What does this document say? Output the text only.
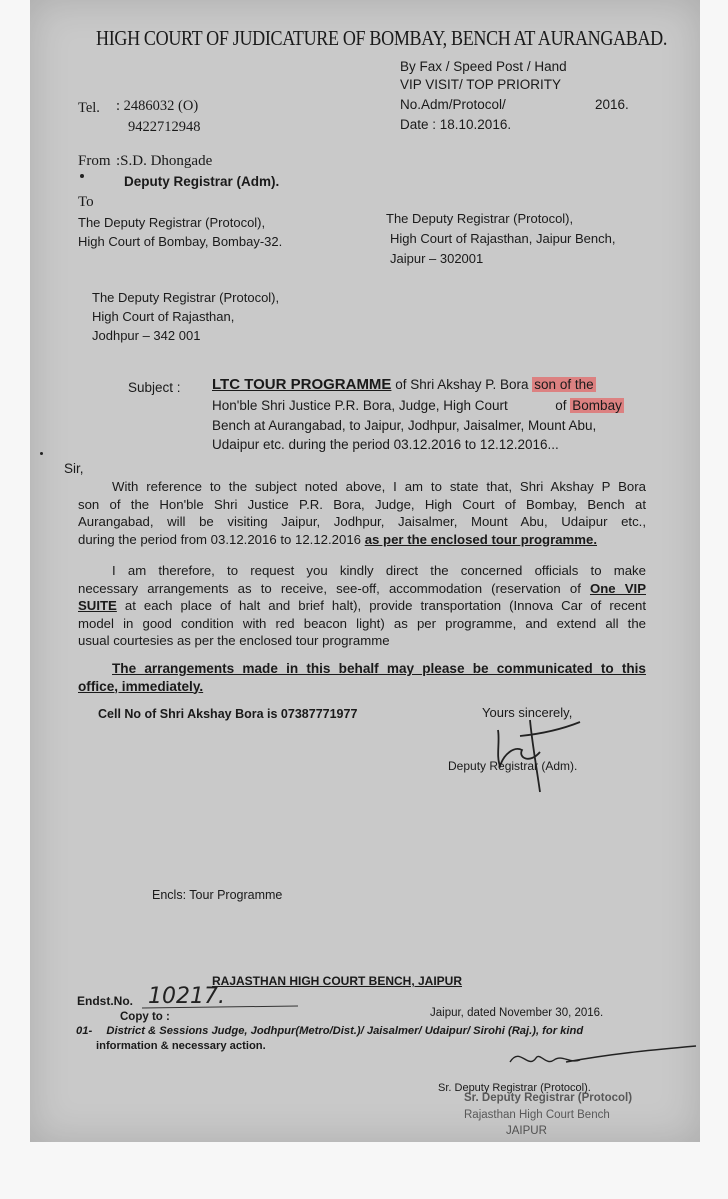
HIGH COURT OF JUDICATURE OF BOMBAY, BENCH AT AURANGABAD.
By Fax / Speed Post / Hand
VIP VISIT/ TOP PRIORITY
No.Adm/Protocol/	2016.
Date : 18.10.2016.
Tel. : 2486032 (O)
9422712948
From :S.D. Dhongade
Deputy Registrar (Adm).
To
The Deputy Registrar (Protocol),
High Court of Bombay, Bombay-32.
The Deputy Registrar (Protocol),
High Court of Rajasthan, Jaipur Bench,
Jaipur – 302001
The Deputy Registrar (Protocol),
High Court of Rajasthan,
Jodhpur – 342 001
Subject : LTC TOUR PROGRAMME of Shri Akshay P. Bora son of the
Hon'ble Shri Justice P.R. Bora, Judge, High Court	of Bombay
Bench at Aurangabad, to Jaipur, Jodhpur, Jaisalmer, Mount Abu,
Udaipur etc. during the period 03.12.2016 to 12.12.2016...
Sir,
With reference to the subject noted above, I am to state that, Shri Akshay P Bora
son of the Hon'ble Shri Justice P.R. Bora, Judge, High Court of Bombay, Bench at
Aurangabad, will be visiting Jaipur, Jodhpur, Jaisalmer, Mount Abu, Udaipur etc.,
during the period from 03.12.2016 to 12.12.2016 as per the enclosed tour programme.
I am therefore, to request you kindly direct the concerned officials to make
necessary arrangements as to receive, see-off, accommodation (reservation of One VIP
SUITE at each place of halt and brief halt), provide transportation (Innova Car of recent
model in good condition with red beacon light) as per programme, and extend all the
usual courtesies as per the enclosed tour programme
The arrangements made in this behalf may please be communicated to this
office, immediately.
Cell No of Shri Akshay Bora is 07387771977	Yours sincerely,
Deputy Registrar (Adm).
Encls: Tour Programme
RAJASTHAN HIGH COURT BENCH, JAIPUR
Endst.No. 10217.
Jaipur, dated November 30, 2016.
Copy to :
01- District & Sessions Judge, Jodhpur(Metro/Dist.)/ Jaisalmer/ Udaipur/ Sirohi (Raj.), for kind
information & necessary action.
Sr. Deputy Registrar (Protocol).
Sr. Deputy Registrar (Protocol)
Rajasthan High Court Bench
JAIPUR
